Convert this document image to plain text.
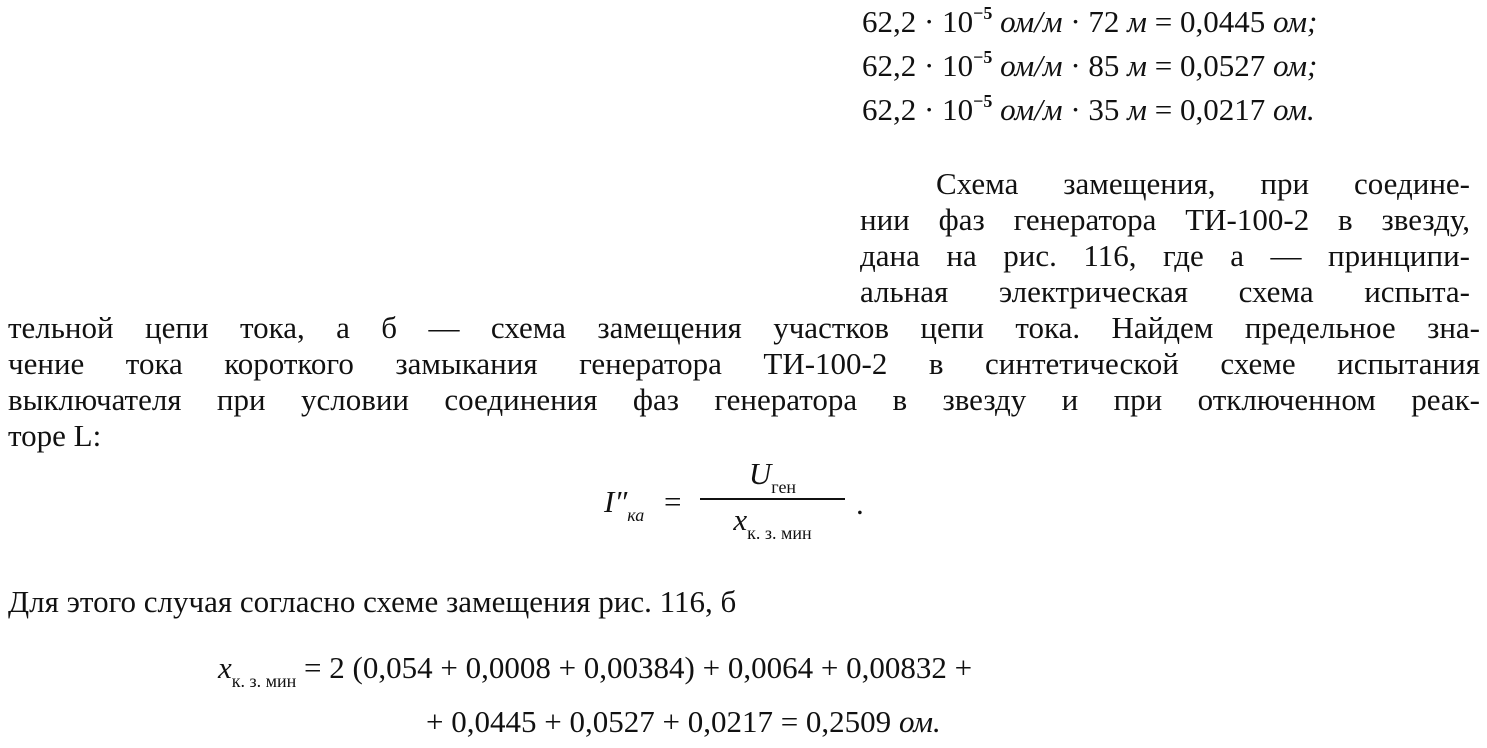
$62,2 \cdot 10^{-5}$ ом/м · 72 м = 0,0445 ом;
$62,2 \cdot 10^{-5}$ ом/м · 85 м = 0,0527 ом;
$62,2 \cdot 10^{-5}$ ом/м · 35 м = 0,0217 ом.
Схема замещения, при соедине-
нии фаз генератора ТИ-100-2 в звезду,
дана на рис. 116, где а — принципи-
альная электрическая схема испыта-
тельной цепи тока, а б — схема замещения участков цепи тока. Найдем предельное зна-
чение тока короткого замыкания генератора ТИ-100-2 в синтетической схеме испытания
выключателя при условии соединения фаз генератора в звезду и при отключенном реак-
торе L:
$I''_{ка}$ =
$U_{ген}$
$x_{к. з. мин}$
.
Для этого случая согласно схеме замещения рис. 116, б
$x_{к. з. мин} = 2$ (0,054 + 0,0008 + 0,00384) + 0,0064 + 0,00832 +
+ 0,0445 + 0,0527 + 0,0217 = 0,2509 ом.
